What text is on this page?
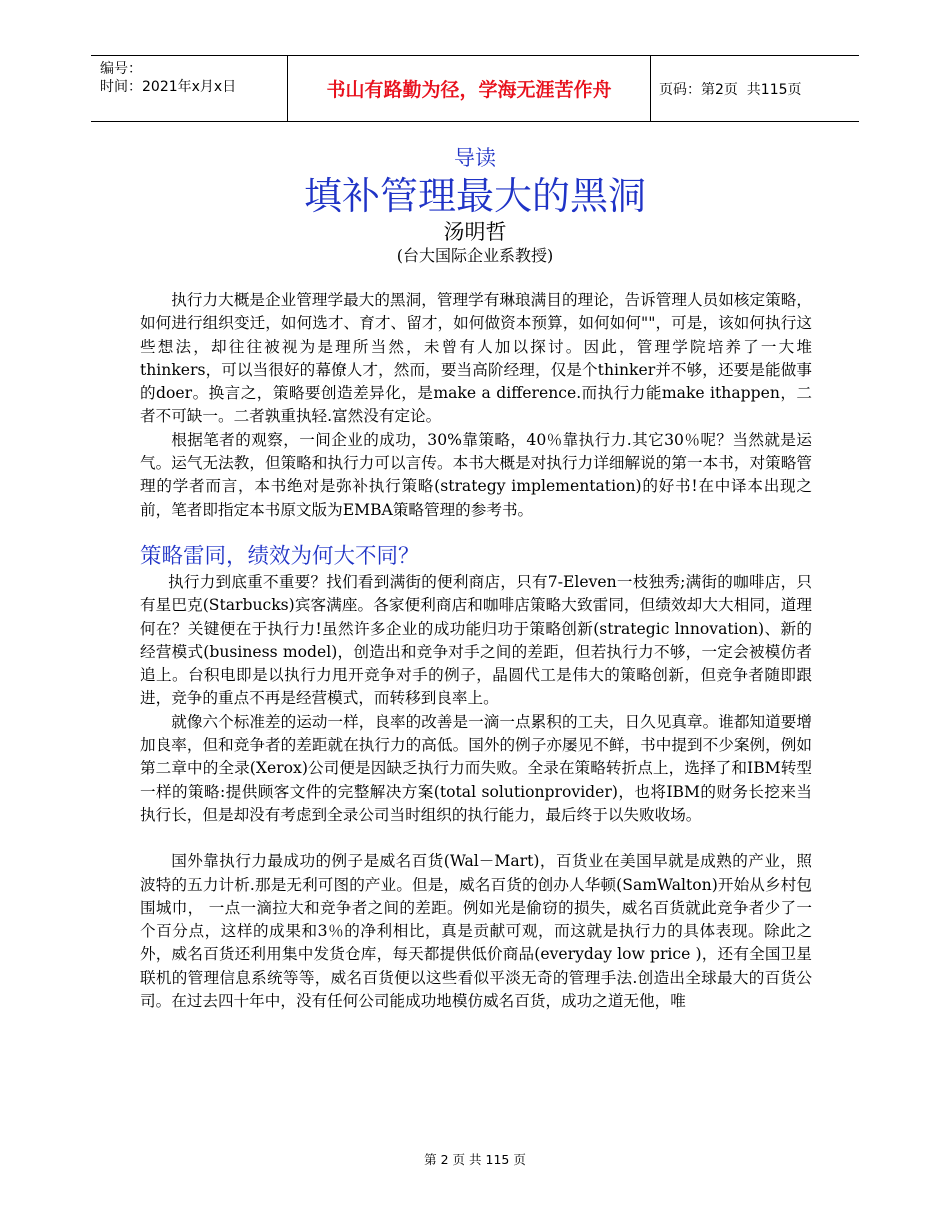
编号：
时间：2021年x月x日	书山有路勤为径，学海无涯苦作舟	页码：第2页  共115页
导读
填补管理最大的黑洞
汤明哲
(台大国际企业系教授)

执行力大概是企业管理学最大的黑洞，管理学有琳琅满目的理论，告诉管理人员如核定策略，如何进行组织变迁，如何选才、育才、留才，如何做资本预算，如何如何""，可是，该如何执行这些想法，却往往被视为是理所当然，未曾有人加以探讨。因此，管理学院培养了一大堆thinkers，可以当很好的幕僚人才，然而，要当高阶经理，仅是个thinker并不够，还要是能做事的doer。换言之，策略要创造差异化，是make a difference.而执行力能make ithappen，二者不可缺一。二者孰重执轻.富然没有定论。

根据笔者的观察，一间企业的成功，30%靠策略，40％靠执行力.其它30％呢？当然就是运气。运气无法教，但策略和执行力可以言传。本书大概是对执行力详细解说的第一本书，对策略管理的学者而言，本书绝对是弥补执行策略(strategy implementation)的好书!在中译本出现之前，笔者即指定本书原文版为EMBA策略管理的参考书。

策略雷同，绩效为何大不同？

执行力到底重不重要？找们看到满街的便利商店，只有7-Eleven一枝独秀;满街的咖啡店，只有星巴克(Starbucks)宾客满座。各家便利商店和咖啡店策略大致雷同，但绩效却大大相同，道理何在？关键便在于执行力!虽然许多企业的成功能归功于策略创新(strategic lnnovation)、新的经营模式(business model)，创造出和竞争对手之间的差距，但若执行力不够，一定会被模仿者追上。台积电即是以执行力甩开竞争对手的例子，晶圆代工是伟大的策略创新，但竞争者随即跟进，竞争的重点不再是经营模式，而转移到良率上。

就像六个标准差的运动一样，良率的改善是一滴一点累积的工夫，日久见真章。谁都知道要增加良率，但和竞争者的差距就在执行力的高低。国外的例子亦屡见不鲜，书中提到不少案例，例如第二章中的全录(Xerox)公司便是因缺乏执行力而失败。全录在策略转折点上，选择了和IBM转型一样的策略:提供顾客文件的完整解决方案(total solutionprovider)，也将IBM的财务长挖来当执行长，但是却没有考虑到全录公司当时组织的执行能力，最后终于以失败收场。

国外靠执行力最成功的例子是威名百货(Wal－Mart)，百货业在美国早就是成熟的产业，照波特的五力计析.那是无利可图的产业。但是，威名百货的创办人华顿(SamWalton)开始从乡村包围城巾， 一点一滴拉大和竞争者之间的差距。例如光是偷窃的损失，威名百货就此竞争者少了一个百分点，这样的成果和3％的净利相比，真是贡献可观，而这就是执行力的具体表现。除此之外，威名百货还利用集中发货仓库，每天都提供低价商品(everyday low price )，还有全国卫星联机的管理信息系统等等，威名百货便以这些看似平淡无奇的管理手法.创造出全球最大的百货公司。在过去四十年中，没有任何公司能成功地模仿威名百货，成功之道无他，唯

第 2 页 共 115 页
